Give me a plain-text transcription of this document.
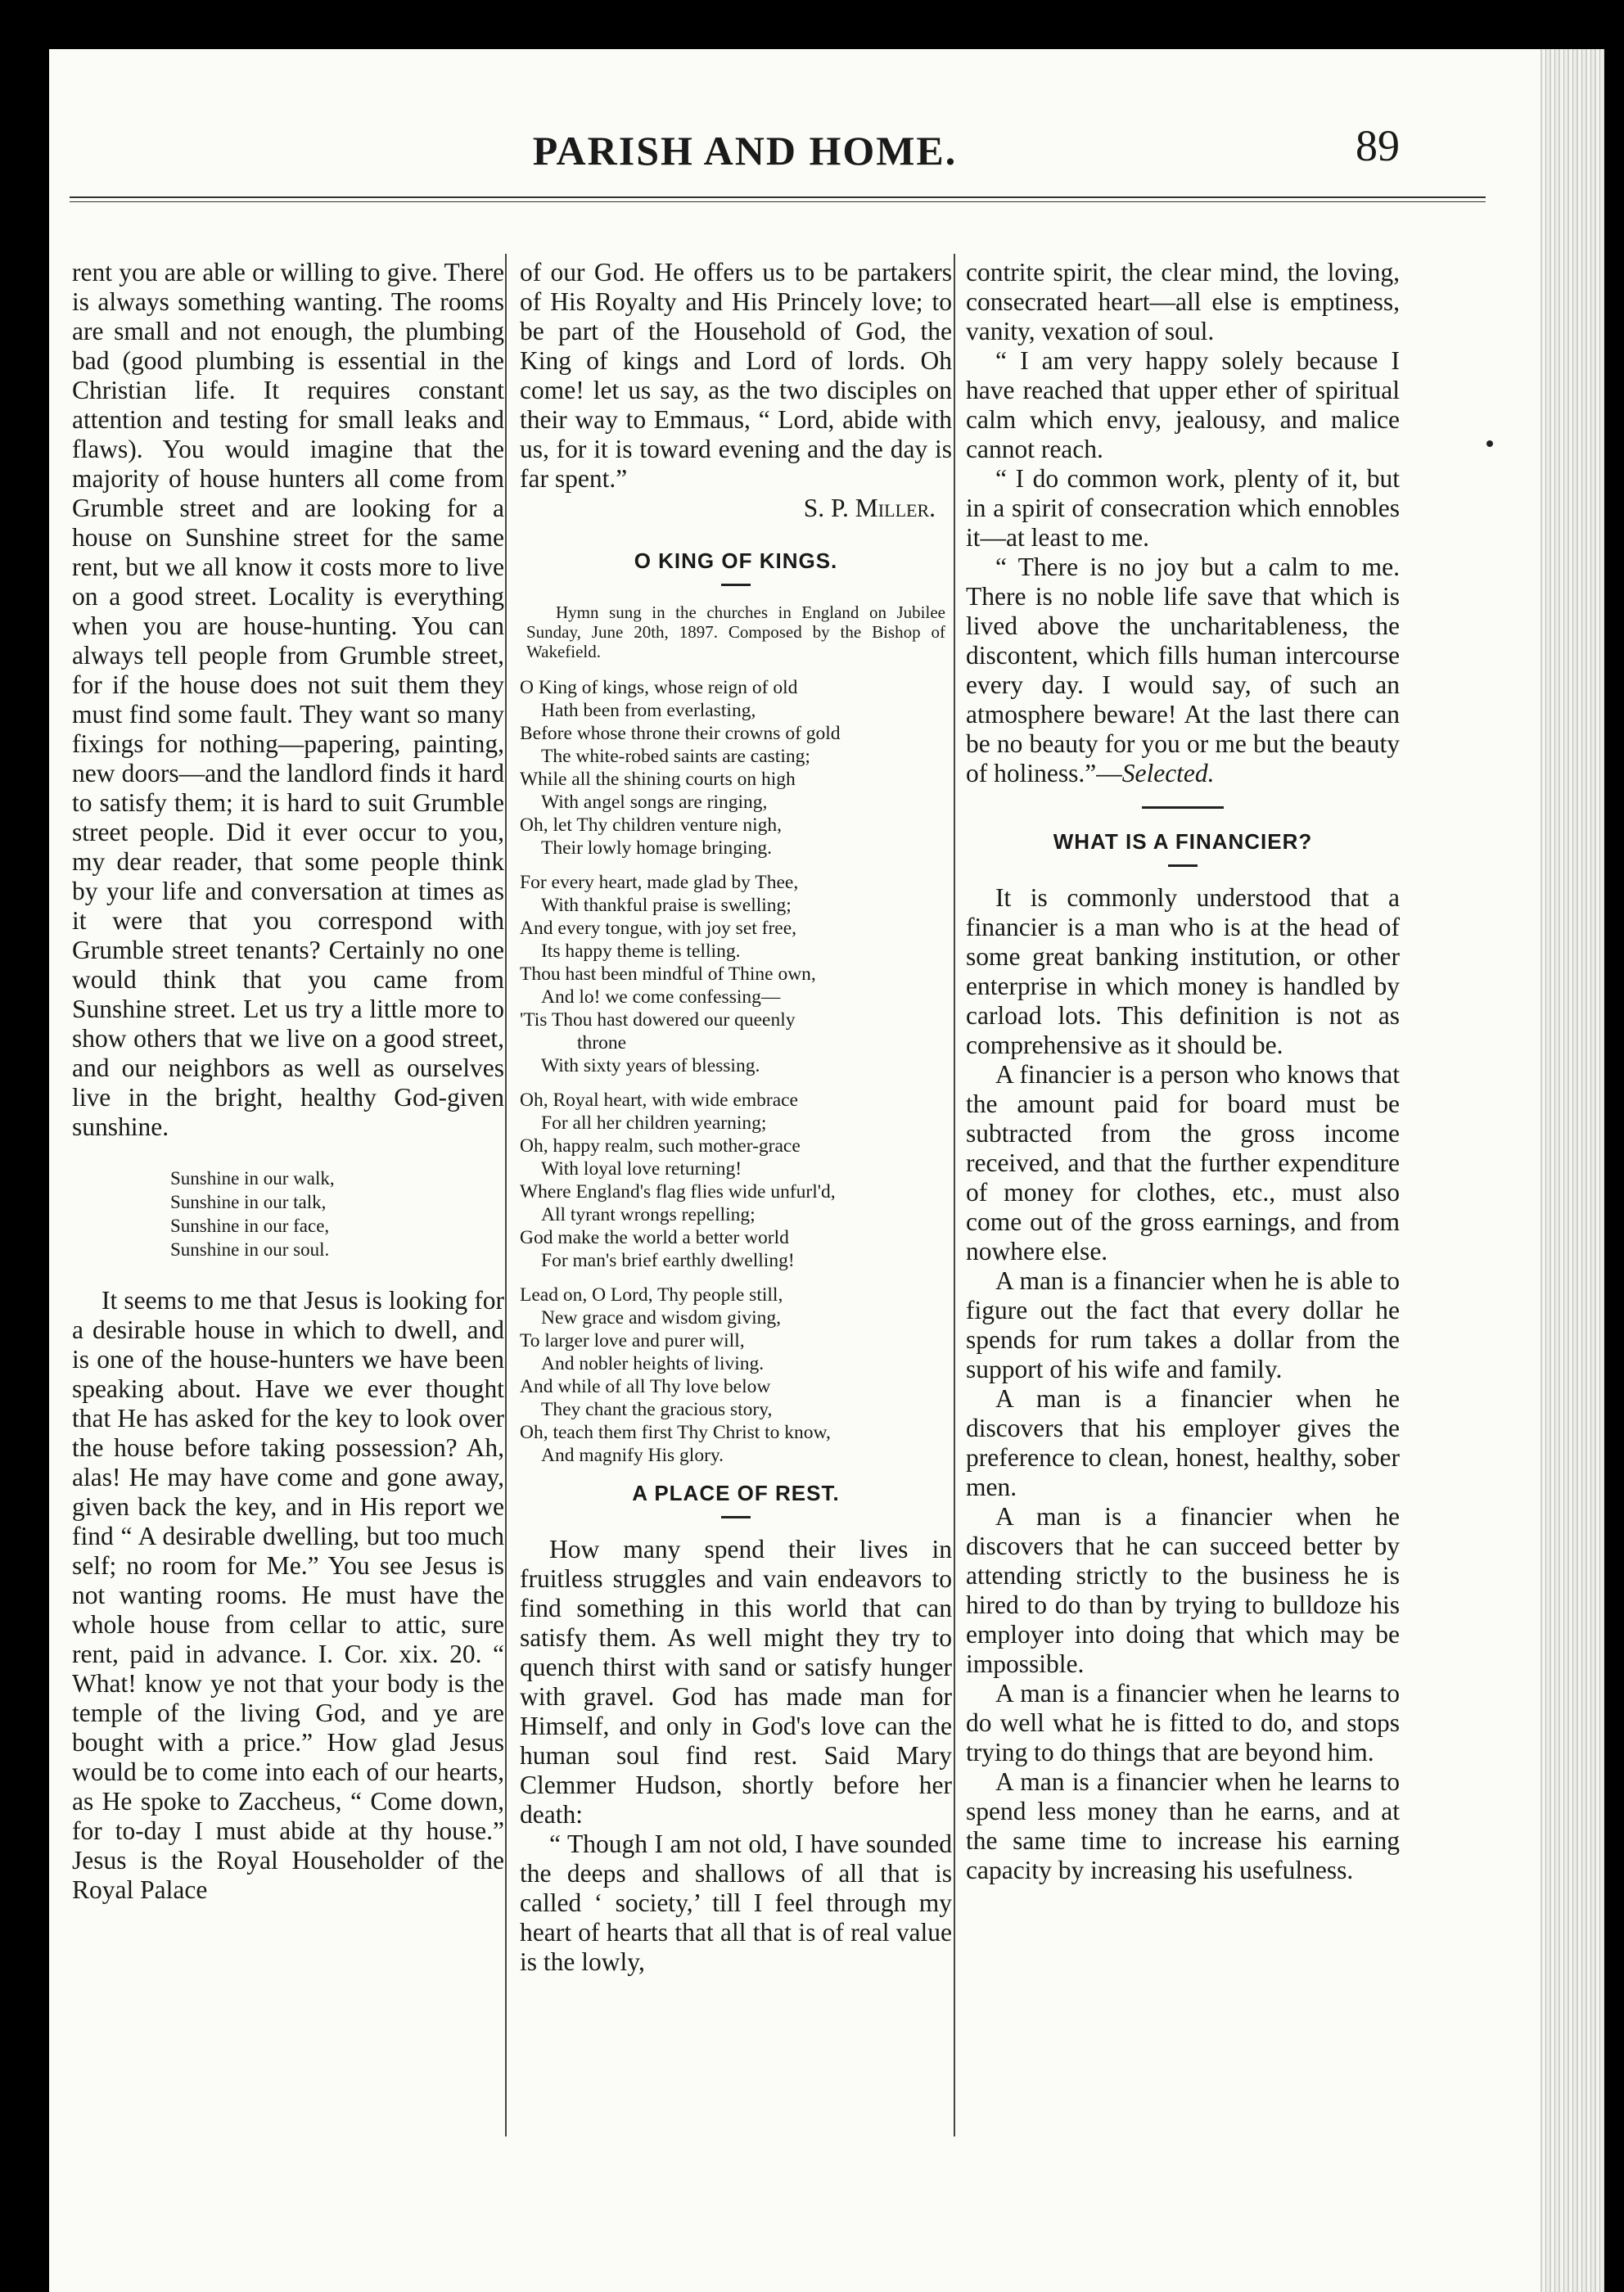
PARISH AND HOME.	89

rent you are able or willing to give. There is always something wanting. The rooms are small and not enough, the plumbing bad (good plumbing is essential in the Christian life. It requires constant attention and testing for small leaks and flaws). You would imagine that the majority of house hunters all come from Grumble street and are looking for a house on Sunshine street for the same rent, but we all know it costs more to live on a good street. Locality is everything when you are house-hunting. You can always tell people from Grumble street, for if the house does not suit them they must find some fault. They want so many fixings for nothing—papering, painting, new doors—and the landlord finds it hard to satisfy them; it is hard to suit Grumble street people. Did it ever occur to you, my dear reader, that some people think by your life and conversation at times as it were that you correspond with Grumble street tenants? Certainly no one would think that you came from Sunshine street. Let us try a little more to show others that we live on a good street, and our neighbors as well as ourselves live in the bright, healthy God-given sunshine.

Sunshine in our walk,
Sunshine in our talk,
Sunshine in our face,
Sunshine in our soul.

It seems to me that Jesus is looking for a desirable house in which to dwell, and is one of the house-hunters we have been speaking about. Have we ever thought that He has asked for the key to look over the house before taking possession? Ah, alas! He may have come and gone away, given back the key, and in His report we find “ A desirable dwelling, but too much self; no room for Me.” You see Jesus is not wanting rooms. He must have the whole house from cellar to attic, sure rent, paid in advance. I. Cor. xix. 20. “ What! know ye not that your body is the temple of the living God, and ye are bought with a price.” How glad Jesus would be to come into each of our hearts, as He spoke to Zaccheus, “ Come down, for to-day I must abide at thy house.” Jesus is the Royal Householder of the Royal Palace

of our God. He offers us to be partakers of His Royalty and His Princely love; to be part of the Household of God, the King of kings and Lord of lords. Oh come! let us say, as the two disciples on their way to Emmaus, “ Lord, abide with us, for it is toward evening and the day is far spent.”

S. P. Miller.
O KING OF KINGS.
Hymn sung in the churches in England on Jubilee Sunday, June 20th, 1897. Composed by the Bishop of Wakefield.
O King of kings, whose reign of old
Hath been from everlasting,
Before whose throne their crowns of gold
The white-robed saints are casting;
While all the shining courts on high
With angel songs are ringing,
Oh, let Thy children venture nigh,
Their lowly homage bringing.
For every heart, made glad by Thee,
With thankful praise is swelling;
And every tongue, with joy set free,
Its happy theme is telling.
Thou hast been mindful of Thine own,
And lo! we come confessing—
'Tis Thou hast dowered our queenly
throne
With sixty years of blessing.
Oh, Royal heart, with wide embrace
For all her children yearning;
Oh, happy realm, such mother-grace
With loyal love returning!
Where England's flag flies wide unfurl'd,
All tyrant wrongs repelling;
God make the world a better world
For man's brief earthly dwelling!
Lead on, O Lord, Thy people still,
New grace and wisdom giving,
To larger love and purer will,
And nobler heights of living.
And while of all Thy love below
They chant the gracious story,
Oh, teach them first Thy Christ to know,
And magnify His glory.
A PLACE OF REST.

How many spend their lives in fruitless struggles and vain endeavors to find something in this world that can satisfy them. As well might they try to quench thirst with sand or satisfy hunger with gravel. God has made man for Himself, and only in God's love can the human soul find rest. Said Mary Clemmer Hudson, shortly before her death:

“ Though I am not old, I have sounded the deeps and shallows of all that is called ‘ society,’ till I feel through my heart of hearts that all that is of real value is the lowly,

contrite spirit, the clear mind, the loving, consecrated heart—all else is emptiness, vanity, vexation of soul.

“ I am very happy solely because I have reached that upper ether of spiritual calm which envy, jealousy, and malice cannot reach.

“ I do common work, plenty of it, but in a spirit of consecration which ennobles it—at least to me.

“ There is no joy but a calm to me. There is no noble life save that which is lived above the uncharitableness, the discontent, which fills human intercourse every day. I would say, of such an atmosphere beware! At the last there can be no beauty for you or me but the beauty of holiness.”—Selected.

WHAT IS A FINANCIER?

It is commonly understood that a financier is a man who is at the head of some great banking institution, or other enterprise in which money is handled by carload lots. This definition is not as comprehensive as it should be.

A financier is a person who knows that the amount paid for board must be subtracted from the gross income received, and that the further expenditure of money for clothes, etc., must also come out of the gross earnings, and from nowhere else.

A man is a financier when he is able to figure out the fact that every dollar he spends for rum takes a dollar from the support of his wife and family.

A man is a financier when he discovers that his employer gives the preference to clean, honest, healthy, sober men.

A man is a financier when he discovers that he can succeed better by attending strictly to the business he is hired to do than by trying to bulldoze his employer into doing that which may be impossible.

A man is a financier when he learns to do well what he is fitted to do, and stops trying to do things that are beyond him.

A man is a financier when he learns to spend less money than he earns, and at the same time to increase his earning capacity by increasing his usefulness.
